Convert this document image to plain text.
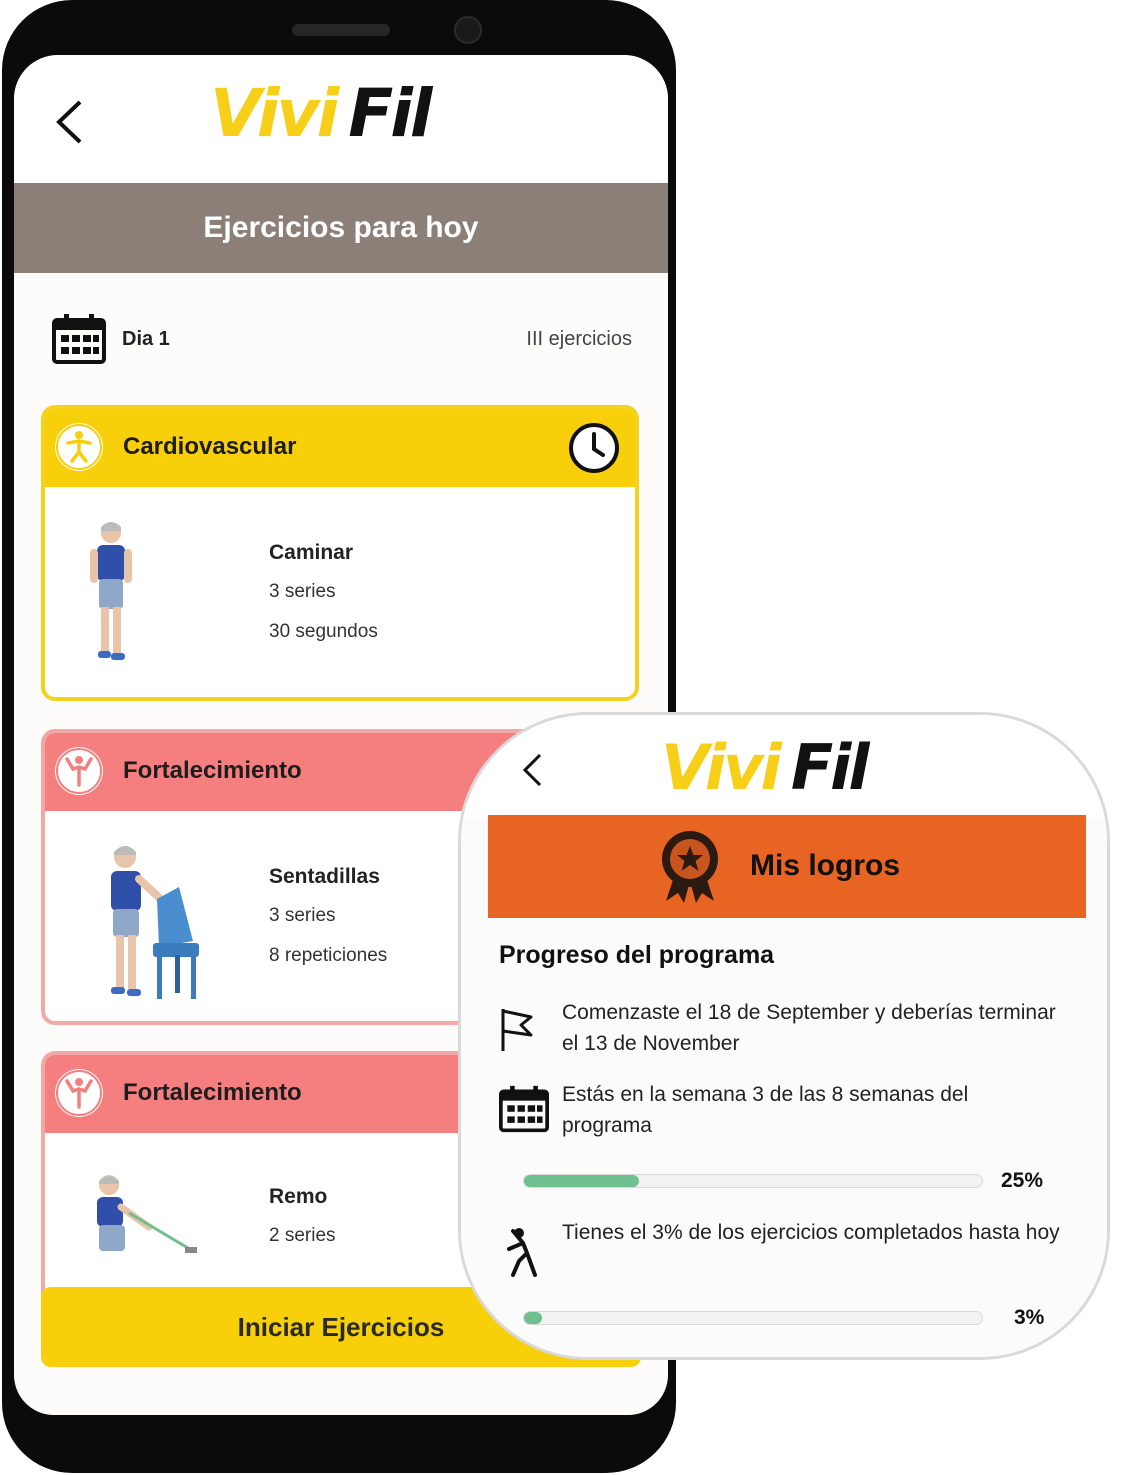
Vivi Fil
Ejercicios para hoy
Dia 1	III ejercicios
Cardiovascular
Caminar
3 series
30 segundos
Fortalecimiento
Sentadillas
3 series
8 repeticiones
Fortalecimiento
Remo
2 series
Iniciar Ejercicios
Vivi Fil
Mis logros
Progreso del programa
Comenzaste el 18 de September y deberías terminar el 13 de November
Estás en la semana 3 de las 8 semanas del programa
25%
Tienes el 3% de los ejercicios completados hasta hoy
3%
